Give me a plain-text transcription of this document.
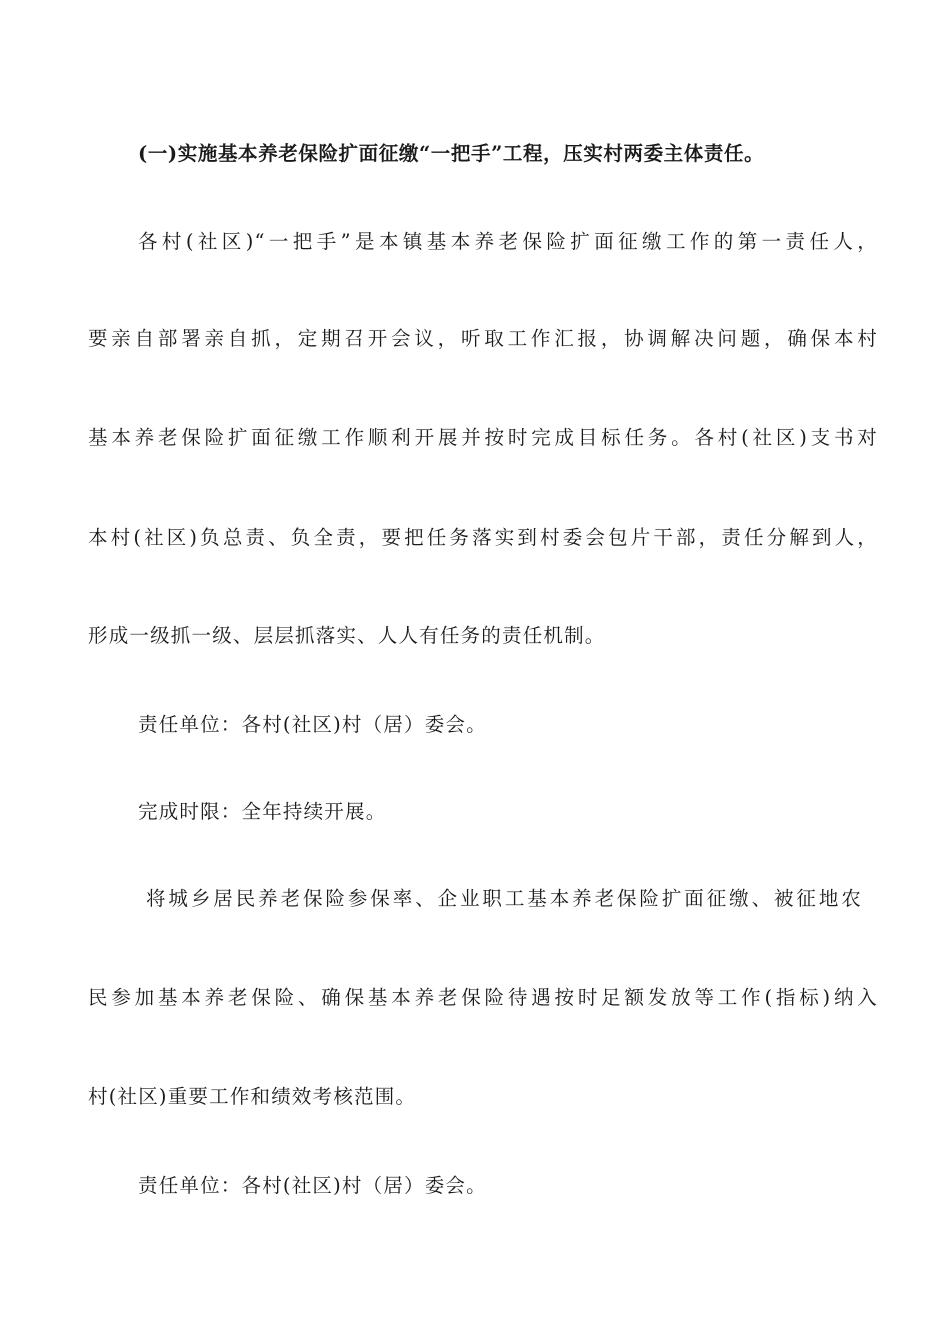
(一)实施基本养老保险扩面征缴“一把手”工程，压实村两委主体责任。
各村(社区)“一把手”是本镇基本养老保险扩面征缴工作的第一责任人，
要亲自部署亲自抓，定期召开会议，听取工作汇报，协调解决问题，确保本村
基本养老保险扩面征缴工作顺利开展并按时完成目标任务。各村(社区)支书对
本村(社区)负总责、负全责，要把任务落实到村委会包片干部，责任分解到人，
形成一级抓一级、层层抓落实、人人有任务的责任机制。
责任单位：各村(社区)村（居）委会。
完成时限：全年持续开展。
将城乡居民养老保险参保率、企业职工基本养老保险扩面征缴、被征地农
民参加基本养老保险、确保基本养老保险待遇按时足额发放等工作(指标)纳入
村(社区)重要工作和绩效考核范围。
责任单位：各村(社区)村（居）委会。
